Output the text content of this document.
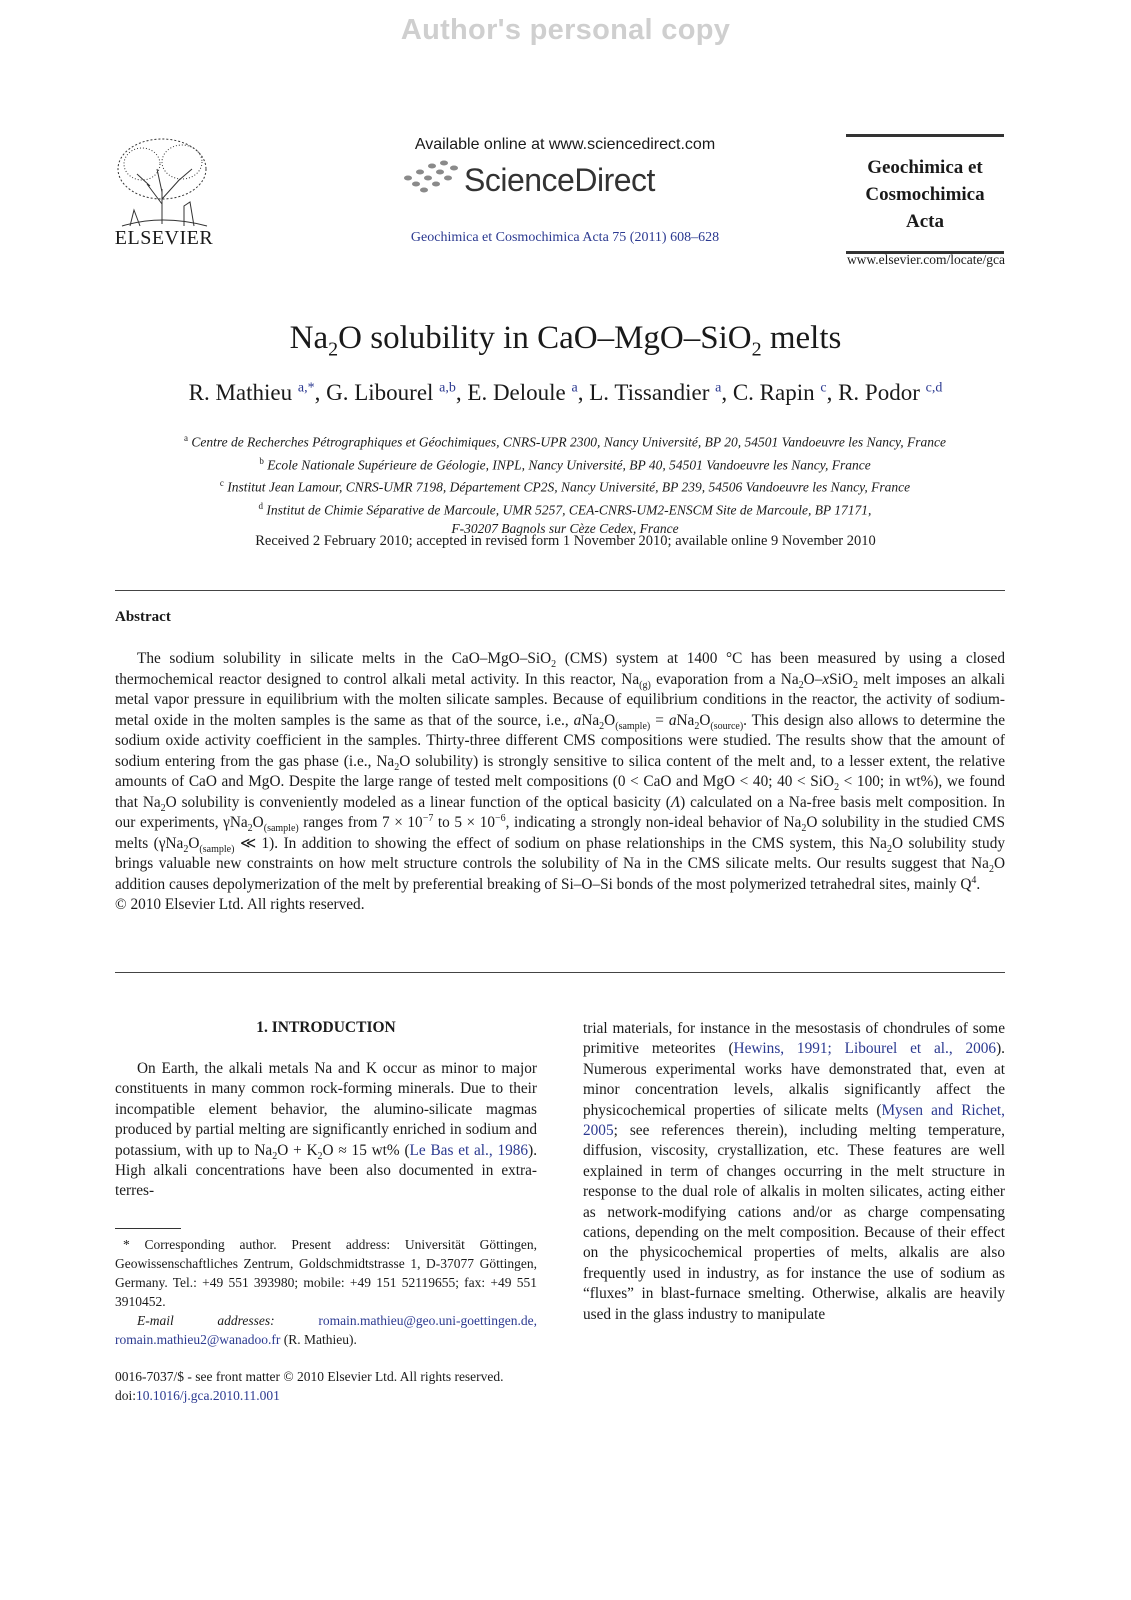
Author's personal copy
ELSEVIER
Available online at www.sciencedirect.com
ScienceDirect
Geochimica et Cosmochimica Acta 75 (2011) 608–628
Geochimica et
Cosmochimica
Acta
www.elsevier.com/locate/gca
$Na_2O$ solubility in CaO–MgO–SiO$_2$ melts
R. Mathieu $^{a,*}$, G. Libourel $^{a,b}$, E. Deloule $^a$, L. Tissandier $^a$, C. Rapin $^c$, R. Podor $^{c,d}$
$^a$ Centre de Recherches Pétrographiques et Géochimiques, CNRS-UPR 2300, Nancy Université, BP 20, 54501 Vandoeuvre les Nancy, France
$^b$ Ecole Nationale Supérieure de Géologie, INPL, Nancy Université, BP 40, 54501 Vandoeuvre les Nancy, France
$^c$ Institut Jean Lamour, CNRS-UMR 7198, Département CP2S, Nancy Université, BP 239, 54506 Vandoeuvre les Nancy, France
$^d$ Institut de Chimie Séparative de Marcoule, UMR 5257, CEA-CNRS-UM2-ENSCM Site de Marcoule, BP 17171,
F-30207 Bagnols sur Cèze Cedex, France
Received 2 February 2010; accepted in revised form 1 November 2010; available online 9 November 2010
Abstract

The sodium solubility in silicate melts in the CaO–MgO–SiO$_2$ (CMS) system at 1400 °C has been measured by using a closed thermochemical reactor designed to control alkali metal activity. In this reactor, $Na_{(g)}$ evaporation from a $Na_2O-xSiO_2$ melt imposes an alkali metal vapor pressure in equilibrium with the molten silicate samples. Because of equilibrium conditions in the reactor, the activity of sodium-metal oxide in the molten samples is the same as that of the source, i.e., $aNa_2O_{(sample)} = aNa_2O_{(source)}$. This design also allows to determine the sodium oxide activity coefficient in the samples. Thirty-three different CMS compositions were studied. The results show that the amount of sodium entering from the gas phase (i.e., $Na_2O$ solubility) is strongly sensitive to silica content of the melt and, to a lesser extent, the relative amounts of CaO and MgO. Despite the large range of tested melt compositions (0 < CaO and MgO < 40; 40 < SiO$_2$ < 100; in wt%), we found that $Na_2O$ solubility is conveniently modeled as a linear function of the optical basicity (Λ) calculated on a Na-free basis melt composition. In our experiments, $\gamma Na_2O_{(sample)}$ ranges from $7 \times 10^{-7}$ to $5 \times 10^{-6}$, indicating a strongly non-ideal behavior of $Na_2O$ solubility in the studied CMS melts ($\gamma Na_2O_{(sample)}$ ≪ 1). In addition to showing the effect of sodium on phase relationships in the CMS system, this $Na_2O$ solubility study brings valuable new constraints on how melt structure controls the solubility of Na in the CMS silicate melts. Our results suggest that $Na_2O$ addition causes depolymerization of the melt by preferential breaking of Si–O–Si bonds of the most polymerized tetrahedral sites, mainly $Q^4$.

© 2010 Elsevier Ltd. All rights reserved.

1. INTRODUCTION

On Earth, the alkali metals Na and K occur as minor to major constituents in many common rock-forming minerals. Due to their incompatible element behavior, the alumino-silicate magmas produced by partial melting are significantly enriched in sodium and potassium, with up to $Na_2O + K_2O \approx 15$ wt% (Le Bas et al., 1986). High alkali concentrations have been also documented in extra-terres-

trial materials, for instance in the mesostasis of chondrules of some primitive meteorites (Hewins, 1991; Libourel et al., 2006). Numerous experimental works have demonstrated that, even at minor concentration levels, alkalis significantly affect the physicochemical properties of silicate melts (Mysen and Richet, 2005; see references therein), including melting temperature, diffusion, viscosity, crystallization, etc. These features are well explained in term of changes occurring in the melt structure in response to the dual role of alkalis in molten silicates, acting either as network-modifying cations and/or as charge compensating cations, depending on the melt composition. Because of their effect on the physicochemical properties of melts, alkalis are also frequently used in industry, as for instance the use of sodium as “fluxes” in blast-furnace smelting. Otherwise, alkalis are heavily used in the glass industry to manipulate

* Corresponding author. Present address: Universität Göttingen, Geowissenschaftliches Zentrum, Goldschmidtstrasse 1, D-37077 Göttingen, Germany. Tel.: +49 551 393980; mobile: +49 151 52119655; fax: +49 551 3910452.

E-mail addresses:	romain.mathieu@geo.uni-goettingen.de, romain.mathieu2@wanadoo.fr (R. Mathieu).

0016-7037/$ - see front matter © 2010 Elsevier Ltd. All rights reserved.
doi:10.1016/j.gca.2010.11.001
